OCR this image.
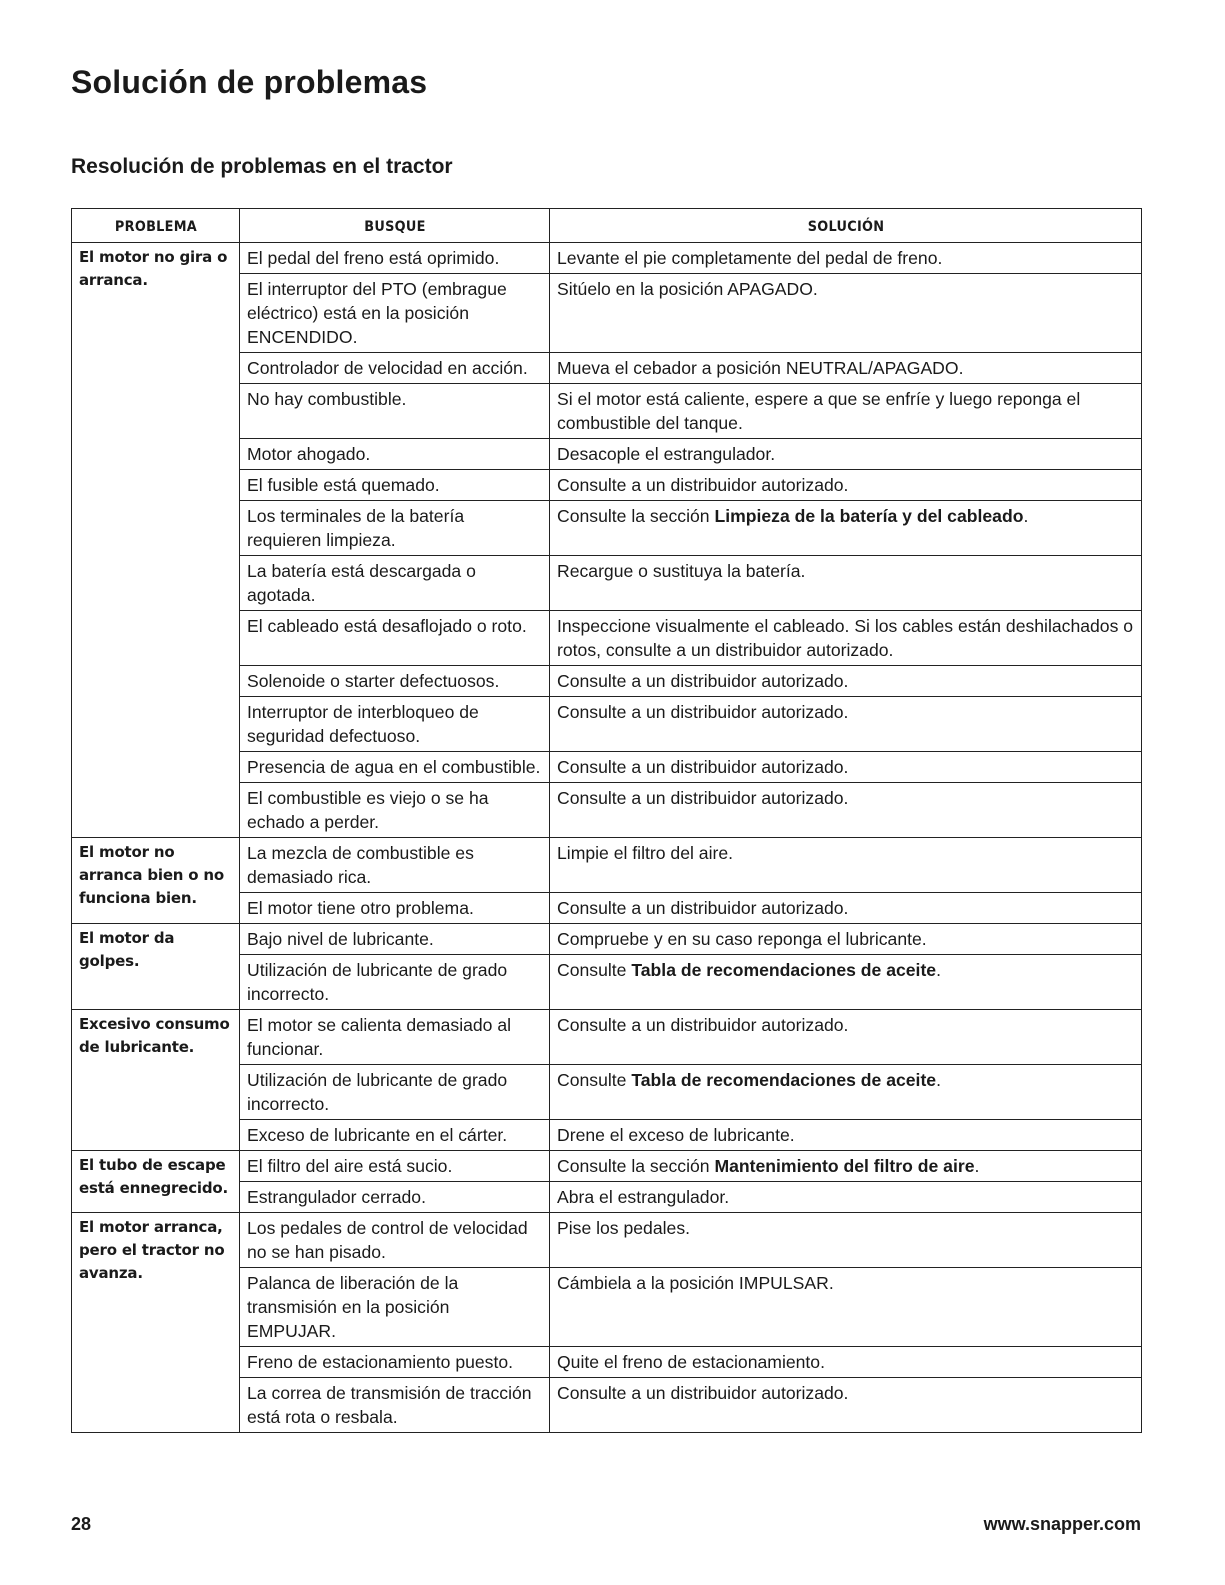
Solución de problemas
Resolución de problemas en el tractor
PROBLEMA	BUSQUE	SOLUCIÓN
El motor no gira o arranca.	El pedal del freno está oprimido.	Levante el pie completamente del pedal de freno.
	El interruptor del PTO (embrague eléctrico) está en la posición ENCENDIDO.	Sitúelo en la posición APAGADO.
	Controlador de velocidad en acción.	Mueva el cebador a posición NEUTRAL/APAGADO.
	No hay combustible.	Si el motor está caliente, espere a que se enfríe y luego reponga el combustible del tanque.
	Motor ahogado.	Desacople el estrangulador.
	El fusible está quemado.	Consulte a un distribuidor autorizado.
	Los terminales de la batería requieren limpieza.	Consulte la sección Limpieza de la batería y del cableado.
	La batería está descargada o agotada.	Recargue o sustituya la batería.
	El cableado está desaflojado o roto.	Inspeccione visualmente el cableado. Si los cables están deshilachados o rotos, consulte a un distribuidor autorizado.
	Solenoide o starter defectuosos.	Consulte a un distribuidor autorizado.
	Interruptor de interbloqueo de seguridad defectuoso.	Consulte a un distribuidor autorizado.
	Presencia de agua en el combustible.	Consulte a un distribuidor autorizado.
	El combustible es viejo o se ha echado a perder.	Consulte a un distribuidor autorizado.
El motor no arranca bien o no funciona bien.	La mezcla de combustible es demasiado rica.	Limpie el filtro del aire.
	El motor tiene otro problema.	Consulte a un distribuidor autorizado.
El motor da golpes.	Bajo nivel de lubricante.	Compruebe y en su caso reponga el lubricante.
	Utilización de lubricante de grado incorrecto.	Consulte Tabla de recomendaciones de aceite.
Excesivo consumo de lubricante.	El motor se calienta demasiado al funcionar.	Consulte a un distribuidor autorizado.
	Utilización de lubricante de grado incorrecto.	Consulte Tabla de recomendaciones de aceite.
	Exceso de lubricante en el cárter.	Drene el exceso de lubricante.
El tubo de escape está ennegrecido.	El filtro del aire está sucio.	Consulte la sección Mantenimiento del filtro de aire.
	Estrangulador cerrado.	Abra el estrangulador.
El motor arranca, pero el tractor no avanza.	Los pedales de control de velocidad no se han pisado.	Pise los pedales.
	Palanca de liberación de la transmisión en la posición EMPUJAR.	Cámbiela a la posición IMPULSAR.
	Freno de estacionamiento puesto.	Quite el freno de estacionamiento.
	La correa de transmisión de tracción está rota o resbala.	Consulte a un distribuidor autorizado.
28	www.snapper.com
